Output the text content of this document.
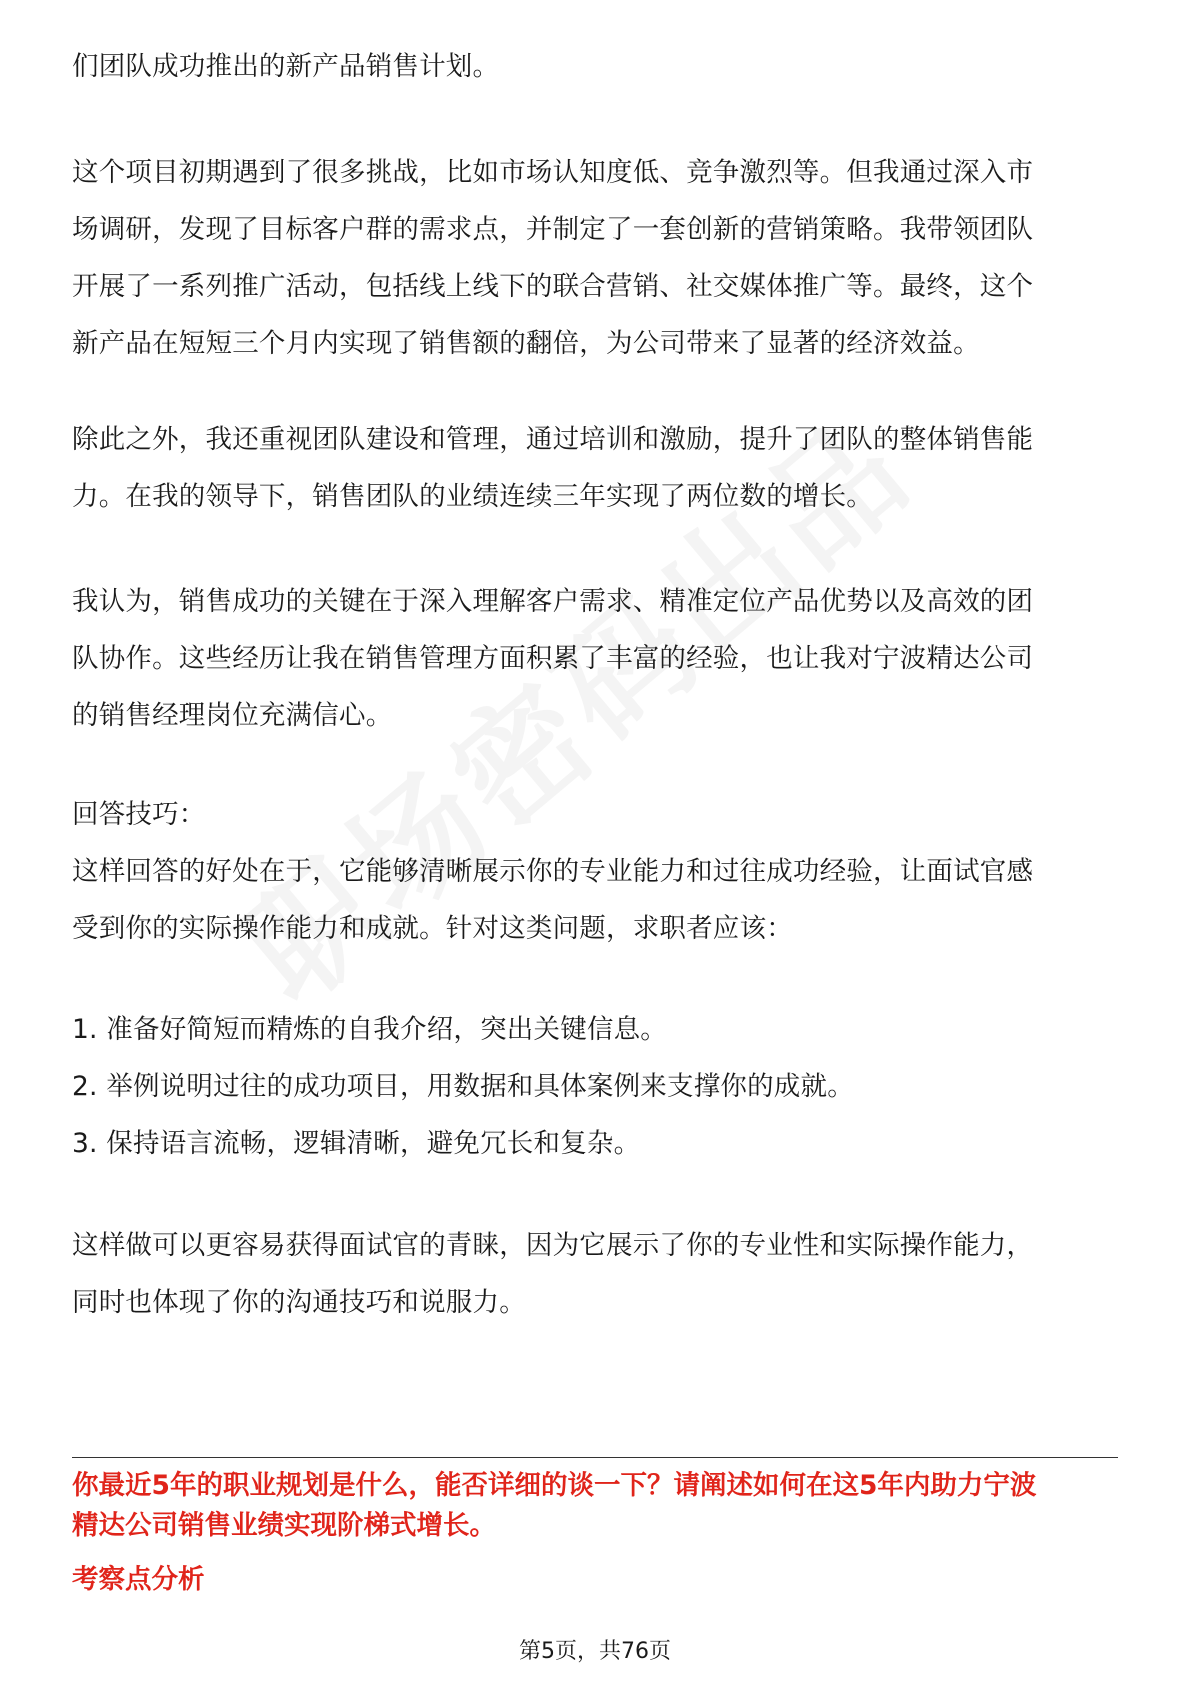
们团队成功推出的新产品销售计划。
这个项目初期遇到了很多挑战，比如市场认知度低、竞争激烈等。但我通过深入市
场调研，发现了目标客户群的需求点，并制定了一套创新的营销策略。我带领团队
开展了一系列推广活动，包括线上线下的联合营销、社交媒体推广等。最终，这个
新产品在短短三个月内实现了销售额的翻倍，为公司带来了显著的经济效益。
除此之外，我还重视团队建设和管理，通过培训和激励，提升了团队的整体销售能
力。在我的领导下，销售团队的业绩连续三年实现了两位数的增长。
我认为，销售成功的关键在于深入理解客户需求、精准定位产品优势以及高效的团
队协作。这些经历让我在销售管理方面积累了丰富的经验，也让我对宁波精达公司
的销售经理岗位充满信心。
回答技巧：
这样回答的好处在于，它能够清晰展示你的专业能力和过往成功经验，让面试官感
受到你的实际操作能力和成就。针对这类问题，求职者应该：
1. 准备好简短而精炼的自我介绍，突出关键信息。
2. 举例说明过往的成功项目，用数据和具体案例来支撑你的成就。
3. 保持语言流畅，逻辑清晰，避免冗长和复杂。
这样做可以更容易获得面试官的青睐，因为它展示了你的专业性和实际操作能力，
同时也体现了你的沟通技巧和说服力。
你最近5年的职业规划是什么，能否详细的谈一下？请阐述如何在这5年内助力宁波
精达公司销售业绩实现阶梯式增长。
考察点分析
第5页，共76页
